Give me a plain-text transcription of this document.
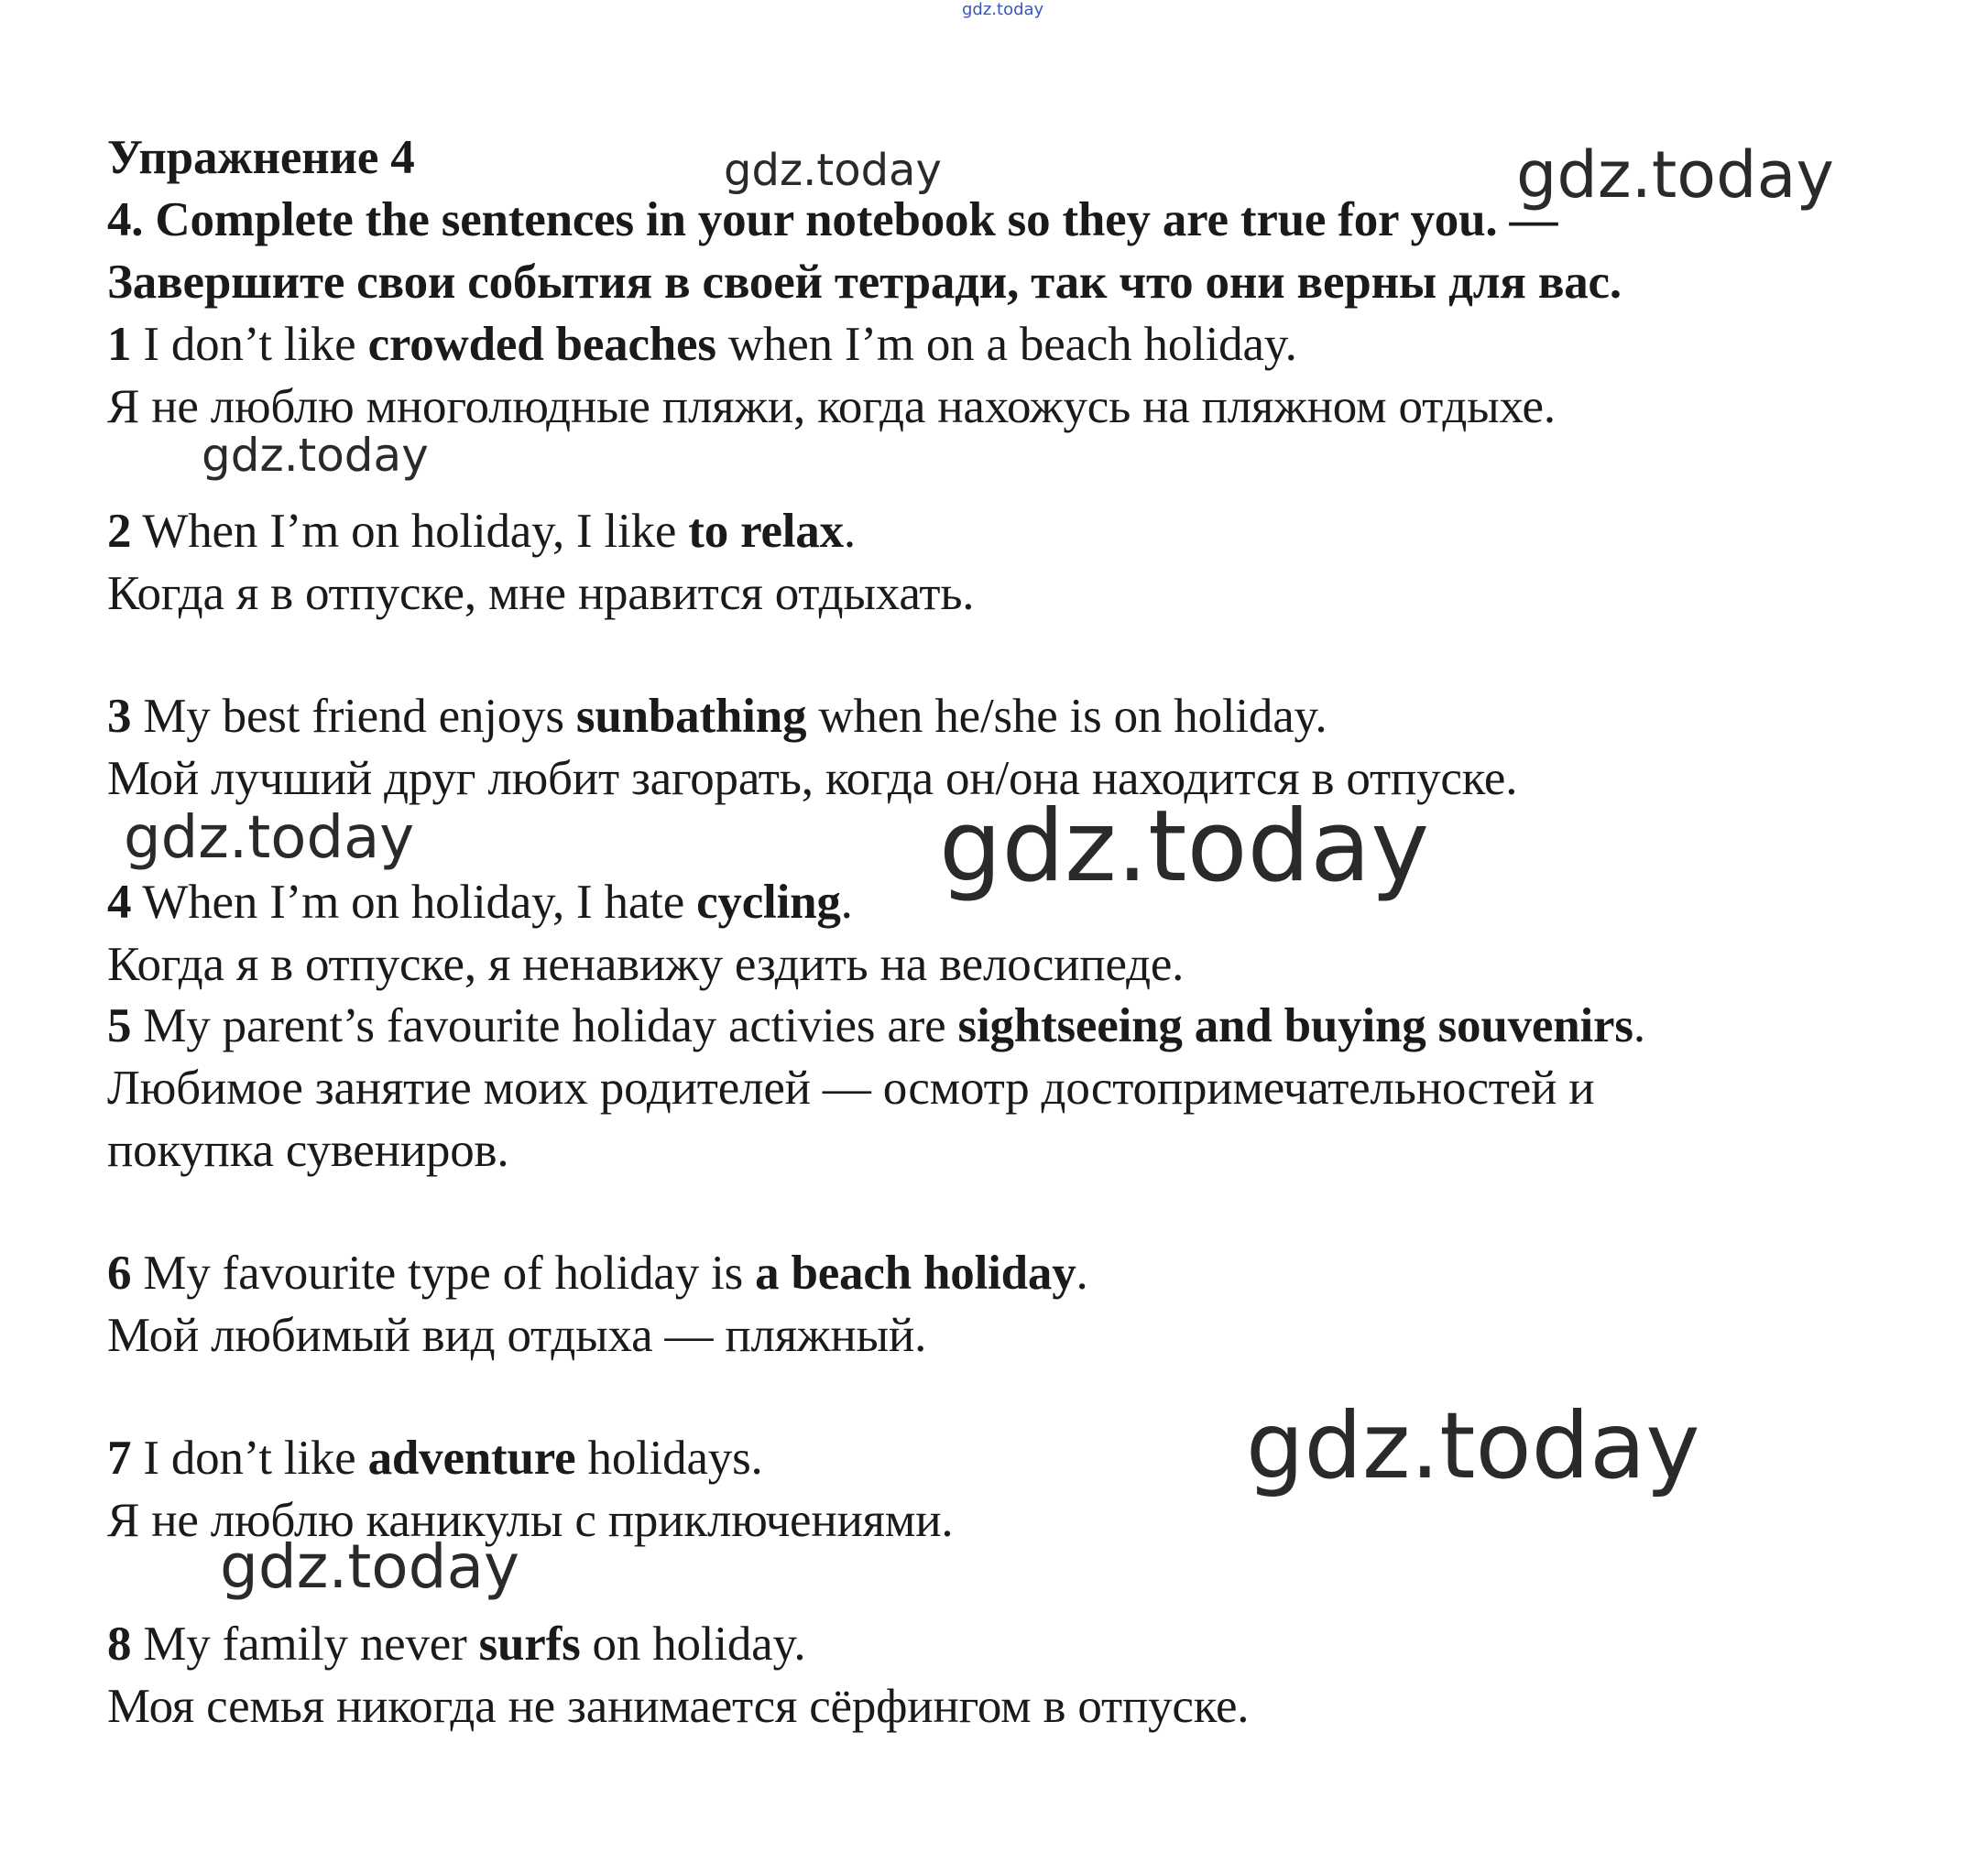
gdz.today
gdz.today	gdz.today
gdz.today
gdz.today	gdz.today
gdz.today
gdz.today
Упражнение 4
4. Complete the sentences in your notebook so they are true for you. —
Завершите свои события в своей тетради, так что они верны для вас.
1 I don’t like crowded beaches when I’m on a beach holiday.
Я не люблю многолюдные пляжи, когда нахожусь на пляжном отдыхе.
2 When I’m on holiday, I like to relax.
Когда я в отпуске, мне нравится отдыхать.
3 My best friend enjoys sunbathing when he/she is on holiday.
Мой лучший друг любит загорать, когда он/она находится в отпуске.
4 When I’m on holiday, I hate cycling.
Когда я в отпуске, я ненавижу ездить на велосипеде.
5 My parent’s favourite holiday activies are sightseeing and buying souvenirs.
Любимое занятие моих родителей — осмотр достопримечательностей и
покупка сувениров.
6 My favourite type of holiday is a beach holiday.
Мой любимый вид отдыха — пляжный.
7 I don’t like adventure holidays.
Я не люблю каникулы с приключениями.
8 My family never surfs on holiday.
Моя семья никогда не занимается сёрфингом в отпуске.
